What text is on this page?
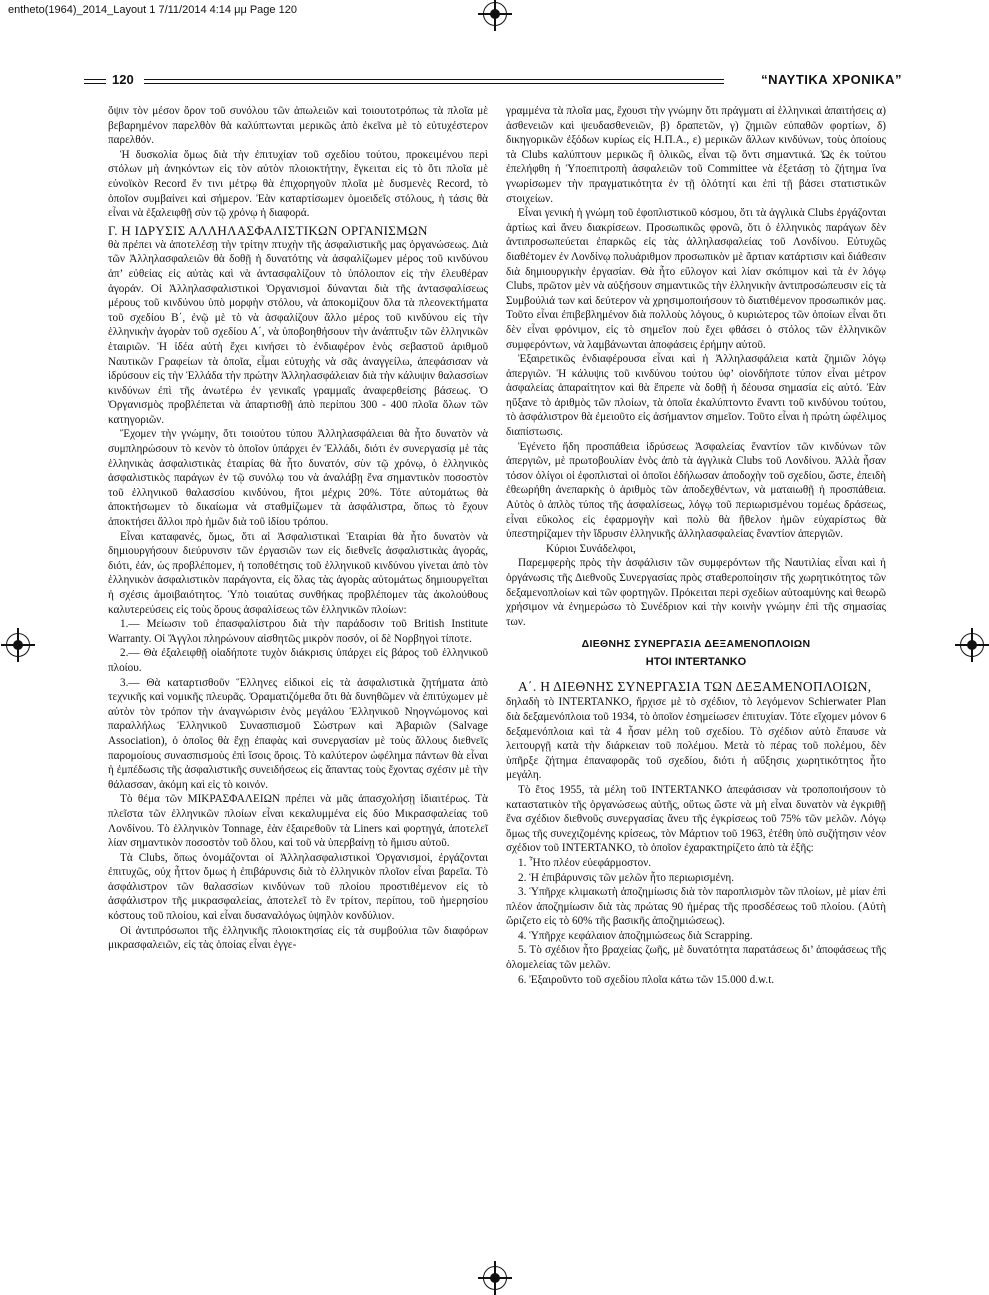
entheto(1964)_2014_Layout 1 7/11/2014 4:14 μμ Page 120
120	“ΝΑΥΤΙΚΑ ΧΡΟΝΙΚΑ”

ὄψιν τὸν μέσον ὅρον τοῦ συνόλου τῶν ἀπωλειῶν καὶ τοιουτοτρόπως τὰ πλοῖα μὲ βεβαρημένον παρελθὸν θὰ καλύπτωνται μερικῶς ἀπὸ ἐκεῖνα μὲ τὸ εὐτυχέστερον παρελθόν.

Ἡ δυσκολία ὅμως διὰ τὴν ἐπιτυχίαν τοῦ σχεδίου τούτου, προκειμένου περὶ στόλων μὴ ἀνηκόντων εἰς τὸν αὐτὸν πλοιοκτήτην, ἔγκειται εἰς τὸ ὅτι πλοῖα μὲ εὐνοϊκὸν Record ἔν τινι μέτρῳ θὰ ἐπιχορηγοῦν πλοῖα μὲ δυσμενὲς Record, τὸ ὁποῖον συμβαίνει καὶ σήμερον. Ἐὰν καταρτίσωμεν ὁμοειδεῖς στόλους, ἡ τάσις θὰ εἶναι νὰ ἐξαλειφθῇ σὺν τῷ χρόνῳ ἡ διαφορά.

Γ. Η ΙΔΡΥΣΙΣ ΑΛΛΗΛΑΣΦΑΛΙΣΤΙΚΩΝ ΟΡΓΑΝΙΣΜΩΝ

θὰ πρέπει νὰ ἀποτελέσῃ τὴν τρίτην πτυχὴν τῆς ἀσφαλιστικῆς μας ὀργανώσεως. Διὰ τῶν Ἀλληλασφαλειῶν θὰ δοθῇ ἡ δυνατότης νὰ ἀσφαλίζωμεν μέρος τοῦ κινδύνου ἀπ’ εὐθείας εἰς αὐτὰς καὶ νὰ ἀντασφαλίζουν τὸ ὑπόλοιπον εἰς τὴν ἐλευθέραν ἀγοράν. Οἱ Ἀλληλασφαλιστικοὶ Ὀργανισμοὶ δύνανται διὰ τῆς ἀντασφαλίσεως μέρους τοῦ κινδύνου ὑπὸ μορφὴν στόλου, νὰ ἀποκομίζουν ὅλα τὰ πλεονεκτήματα τοῦ σχεδίου Β΄, ἐνῷ μὲ τὸ νὰ ἀσφαλίζουν ἄλλο μέρος τοῦ κινδύνου εἰς τὴν ἑλληνικὴν ἀγορὰν τοῦ σχεδίου Α΄, νὰ ὑποβοηθήσουν τὴν ἀνάπτυξιν τῶν ἑλληνικῶν ἑταιριῶν. Ἡ ἰδέα αὐτὴ ἔχει κινήσει τὸ ἐνδιαφέρον ἑνὸς σεβαστοῦ ἀριθμοῦ Ναυτικῶν Γραφείων τὰ ὁποῖα, εἶμαι εὐτυχὴς νὰ σᾶς ἀναγγείλω, ἀπεφάσισαν νὰ ἱδρύσουν εἰς τὴν Ἑλλάδα τὴν πρώτην Ἀλληλασφάλειαν διὰ τὴν κάλυψιν θαλασσίων κινδύνων ἐπὶ τῆς ἀνωτέρω ἐν γενικαῖς γραμμαῖς ἀναφερθείσης βάσεως. Ὁ Ὀργανισμὸς προβλέπεται νὰ ἀπαρτισθῇ ἀπὸ περίπου 300 - 400 πλοῖα ὅλων τῶν κατηγοριῶν.

Ἔχομεν τὴν γνώμην, ὅτι τοιούτου τύπου Ἀλληλασφάλειαι θὰ ἦτο δυνατὸν νὰ συμπληρώσουν τὸ κενὸν τὸ ὁποῖον ὑπάρχει ἐν Ἑλλάδι, διότι ἐν συνεργασίᾳ μὲ τὰς ἑλληνικὰς ἀσφαλιστικὰς ἑταιρίας θὰ ἦτο δυνατόν, σὺν τῷ χρόνῳ, ὁ ἑλληνικὸς ἀσφαλιστικὸς παράγων ἐν τῷ συνόλῳ του νὰ ἀναλάβῃ ἕνα σημαντικὸν ποσοστὸν τοῦ ἑλληνικοῦ θαλασσίου κινδύνου, ἤτοι μέχρις 20%. Τότε αὐτομάτως θὰ ἀποκτήσωμεν τὸ δικαίωμα νὰ σταθμίζωμεν τὰ ἀσφάλιστρα, ὅπως τὸ ἔχουν ἀποκτήσει ἄλλοι πρὸ ἡμῶν διὰ τοῦ ἰδίου τρόπου.

Εἶναι καταφανές, ὅμως, ὅτι αἱ Ἀσφαλιστικαὶ Ἑταιρίαι θὰ ἦτο δυνατὸν νὰ δημιουργήσουν διεύρυνσιν τῶν ἐργασιῶν των εἰς διεθνεῖς ἀσφαλιστικὰς ἀγοράς, διότι, ἐάν, ὡς προβλέπομεν, ἡ τοποθέτησις τοῦ ἑλληνικοῦ κινδύνου γίνεται ἀπὸ τὸν ἑλληνικὸν ἀσφαλιστικὸν παράγοντα, εἰς ὅλας τὰς ἀγορὰς αὐτομάτως δημιουργεῖται ἡ σχέσις ἀμοιβαιότητος. Ὑπὸ τοιαύτας συνθήκας προβλέπομεν τὰς ἀκολούθους καλυτερεύσεις εἰς τοὺς ὅρους ἀσφαλίσεως τῶν ἑλληνικῶν πλοίων:

1.— Μείωσιν τοῦ ἐπασφαλίστρου διὰ τὴν παράδοσιν τοῦ British Institute Warranty. Οἱ Ἄγγλοι πληρώνουν αἰσθητῶς μικρὸν ποσόν, οἱ δὲ Νορβηγοὶ τίποτε.

2.— Θὰ ἐξαλειφθῇ οἱαδήποτε τυχὸν διάκρισις ὑπάρχει εἰς βάρος τοῦ ἑλληνικοῦ πλοίου.

3.— Θὰ καταρτισθοῦν Ἕλληνες εἰδικοὶ εἰς τὰ ἀσφαλιστικὰ ζητήματα ἀπὸ τεχνικῆς καὶ νομικῆς πλευρᾶς. Ὁραματιζόμεθα ὅτι θὰ δυνηθῶμεν νὰ ἐπιτύχωμεν μὲ αὐτὸν τὸν τρόπον τὴν ἀναγνώρισιν ἑνὸς μεγάλου Ἑλληνικοῦ Νηογνώμονος καὶ παραλλήλως Ἑλληνικοῦ Συνασπισμοῦ Σώστρων καὶ Ἀβαριῶν (Salvage Association), ὁ ὁποῖος θὰ ἔχῃ ἐπαφὰς καὶ συνεργασίαν μὲ τοὺς ἄλλους διεθνεῖς παρομοίους συνασπισμοὺς ἐπὶ ἴσοις ὅροις. Τὸ καλύτερον ὠφέλημα πάντων θὰ εἶναι ἡ ἐμπέδωσις τῆς ἀσφαλιστικῆς συνειδήσεως εἰς ἅπαντας τοὺς ἔχοντας σχέσιν μὲ τὴν θάλασσαν, ἀκόμη καὶ εἰς τὸ κοινόν.

Τὸ θέμα τῶν ΜΙΚΡΑΣΦΑΛΕΙΩΝ πρέπει νὰ μᾶς ἀπασχολήσῃ ἰδιαιτέρως. Τὰ πλεῖστα τῶν ἑλληνικῶν πλοίων εἶναι κεκαλυμμένα εἰς δύο Μικρασφαλείας τοῦ Λονδίνου. Τὸ ἑλληνικὸν Tonnage, ἐὰν ἐξαιρεθοῦν τὰ Liners καὶ φορτηγά, ἀποτελεῖ λίαν σημαντικὸν ποσοστὸν τοῦ ὅλου, καὶ τοῦ νὰ ὑπερβαίνῃ τὸ ἥμισυ αὐτοῦ.

Τὰ Clubs, ὅπως ὀνομάζονται οἱ Ἀλληλασφαλιστικοὶ Ὀργανισμοί, ἐργάζονται ἐπιτυχῶς, οὐχ ἧττον ὅμως ἡ ἐπιβάρυνσις διὰ τὸ ἑλληνικὸν πλοῖον εἶναι βαρεῖα. Τὸ ἀσφάλιστρον τῶν θαλασσίων κινδύνων τοῦ πλοίου προστιθέμενον εἰς τὸ ἀσφάλιστρον τῆς μικρασφαλείας, ἀποτελεῖ τὸ ἓν τρίτον, περίπου, τοῦ ἡμερησίου κόστους τοῦ πλοίου, καὶ εἶναι δυσαναλόγως ὑψηλὸν κονδύλιον.

Οἱ ἀντιπρόσωποι τῆς ἑλληνικῆς πλοιοκτησίας εἰς τὰ συμβούλια τῶν διαφόρων μικρασφαλειῶν, εἰς τὰς ὁποίας εἶναι ἐγγε-

γραμμένα τὰ πλοῖα μας, ἔχουσι τὴν γνώμην ὅτι πράγματι αἱ ἑλληνικαὶ ἀπαιτήσεις α) ἀσθενειῶν καὶ ψευδασθενειῶν, β) δραπετῶν, γ) ζημιῶν εὐπαθῶν φορτίων, δ) δικηγορικῶν ἐξόδων κυρίως εἰς Η.Π.Α., ε) μερικῶν ἄλλων κινδύνων, τοὺς ὁποίους τὰ Clubs καλύπτουν μερικῶς ἢ ὁλικῶς, εἶναι τῷ ὄντι σημαντικά. Ὡς ἐκ τούτου ἐπελήφθη ἡ Ὑποεπιτροπὴ ἀσφαλειῶν τοῦ Committee νὰ ἐξετάσῃ τὸ ζήτημα ἵνα γνωρίσωμεν τὴν πραγματικότητα ἐν τῇ ὁλότητί και ἐπὶ τῇ βάσει στατιστικῶν στοιχείων.

Εἶναι γενικὴ ἡ γνώμη τοῦ ἐφοπλιστικοῦ κόσμου, ὅτι τὰ ἀγγλικὰ Clubs ἐργάζονται ἀρτίως καὶ ἄνευ διακρίσεων. Προσωπικῶς φρονῶ, ὅτι ὁ ἑλληνικὸς παράγων δὲν ἀντιπροσωπεύεται ἐπαρκῶς εἰς τὰς ἀλληλασφαλείας τοῦ Λονδίνου. Εὐτυχῶς διαθέτομεν ἐν Λονδίνῳ πολυάριθμον προσωπικὸν μὲ ἄρτιαν κατάρτισιν καὶ διάθεσιν διὰ δημιουργικὴν ἐργασίαν. Θὰ ἦτο εὔλογον καὶ λίαν σκόπιμον καὶ τὰ ἐν λόγῳ Clubs, πρῶτον μὲν νὰ αὐξήσουν σημαντικῶς τὴν ἑλληνικὴν ἀντιπροσώπευσιν εἰς τὰ Συμβούλιά των καὶ δεύτερον νὰ χρησιμοποιήσουν τὸ διατιθέμενον προσωπικόν μας. Τοῦτο εἶναι ἐπιβεβλημένον διὰ πολλοὺς λόγους, ὁ κυριώτερος τῶν ὁποίων εἶναι ὅτι δὲν εἶναι φρόνιμον, εἰς τὸ σημεῖον ποὺ ἔχει φθάσει ὁ στόλος τῶν ἑλληνικῶν συμφερόντων, νὰ λαμβάνωνται ἀποφάσεις ἐρήμην αὐτοῦ.

Ἐξαιρετικῶς ἐνδιαφέρουσα εἶναι καὶ ἡ Ἀλληλασφάλεια κατὰ ζημιῶν λόγῳ ἀπεργιῶν. Ἡ κάλυψις τοῦ κινδύνου τούτου ὑφ’ οἱονδήποτε τύπον εἶναι μέτρον ἀσφαλείας ἀπαραίτητον καὶ θὰ ἔπρεπε νὰ δοθῇ ἡ δέουσα σημασία εἰς αὐτό. Ἐὰν ηὔξανε τὸ ἀριθμὸς τῶν πλοίων, τὰ ὁποῖα ἐκαλύπτοντο ἔναντι τοῦ κινδύνου τούτου, τὸ ἀσφάλιστρον θὰ ἐμειοῦτο εἰς ἀσήμαντον σημεῖον. Τοῦτο εἶναι ἡ πρώτη ὠφέλιμος διαπίστωσις.

Ἐγένετο ἤδη προσπάθεια ἱδρύσεως Ἀσφαλείας ἔναντίον τῶν κινδύνων τῶν ἀπεργιῶν, μὲ πρωτοβουλίαν ἑνὸς ἀπὸ τὰ ἀγγλικὰ Clubs τοῦ Λονδίνου. Ἀλλὰ ἦσαν τόσον ὀλίγοι οἱ ἐφοπλισταὶ οἱ ὁποῖοι ἐδήλωσαν ἀποδοχὴν τοῦ σχεδίου, ὥστε, ἐπειδὴ ἐθεωρήθη ἀνεπαρκὴς ὁ ἀριθμὸς τῶν ἀποδεχθέντων, νὰ ματαιωθῇ ἡ προσπάθεια. Αὐτὸς ὁ ἁπλὸς τύπος τῆς ἀσφαλίσεως, λόγῳ τοῦ περιωρισμένου τομέως δράσεως, εἶναι εὔκολος εἰς ἐφαρμογὴν καὶ πολὺ θὰ ἤθελον ἡμῶν εὐχαρίστως θὰ ὑπεστηρίζαμεν τὴν ἵδρυσιν ἑλληνικῆς ἀλληλασφαλείας ἔναντίον ἀπεργιῶν.

Κύριοι Συνάδελφοι,

Παρεμφερὴς πρὸς τὴν ἀσφάλισιν τῶν συμφερόντων τῆς Ναυτιλίας εἶναι καὶ ἡ ὀργάνωσις τῆς Διεθνοῦς Συνεργασίας πρὸς σταθεροποίησιν τῆς χωρητικότητος τῶν δεξαμενοπλοίων καὶ τῶν φορτηγῶν. Πρόκειται περὶ σχεδίων αὐτοαμύνης καὶ θεωρῶ χρήσιμον νὰ ἐνημερώσω τὸ Συνέδριον καὶ τὴν κοινὴν γνώμην ἐπὶ τῆς σημασίας των.

ΔΙΕΘΝΗΣ ΣΥΝΕΡΓΑΣΙΑ ΔΕΞΑΜΕΝΟΠΛΟΙΩΝ
ΗΤΟΙ INTERTANKO

Α΄. Η ΔΙΕΘΝΗΣ ΣΥΝΕΡΓΑΣΙΑ ΤΩΝ ΔΕΞΑΜΕΝΟΠΛΟΙΩΝ,

δηλαδὴ τὸ INTERTANKO, ἤρχισε μὲ τὸ σχέδιον, τὸ λεγόμενον Schierwater Plan διὰ δεξαμενόπλοια τοῦ 1934, τὸ ὁποῖον ἐσημείωσεν ἐπιτυχίαν. Τότε εἴχομεν μόνον 6 δεξαμενόπλοια καὶ τὰ 4 ἦσαν μέλη τοῦ σχεδίου. Τὸ σχέδιον αὐτὸ ἔπαυσε νὰ λειτουργῇ κατὰ τὴν διάρκειαν τοῦ πολέμου. Μετὰ τὸ πέρας τοῦ πολέμου, δὲν ὑπῆρξε ζήτημα ἐπαναφορᾶς τοῦ σχεδίου, διότι ἡ αὔξησις χωρητικότητος ἦτο μεγάλη.

Τὸ ἔτος 1955, τὰ μέλη τοῦ INTERTANKO ἀπεφάσισαν νὰ τροποποιήσουν τὸ καταστατικὸν τῆς ὀργανώσεως αὐτῆς, οὕτως ὥστε νὰ μὴ εἶναι δυνατὸν νὰ ἐγκριθῇ ἕνα σχέδιον διεθνοῦς συνεργασίας ἄνευ τῆς ἐγκρίσεως τοῦ 75% τῶν μελῶν. Λόγῳ ὅμως τῆς συνεχιζομένης κρίσεως, τὸν Μάρτιον τοῦ 1963, ἐτέθη ὑπὸ συζήτησιν νέον σχέδιον τοῦ INTERTANKO, τὸ ὁποῖον ἐχαρακτηρίζετο ἀπὸ τὰ ἑξῆς:

1. Ἦτο πλέον εὐεφάρμοστον.
2. Ἡ ἐπιβάρυνσις τῶν μελῶν ἦτο περιωρισμένη.
3. Ὑπῆρχε κλιμακωτὴ ἀποζημίωσις διὰ τὸν παροπλισμὸν τῶν πλοίων, μὲ μίαν ἐπὶ πλέον ἀποζημίωσιν διὰ τὰς πρώτας 90 ἡμέρας τῆς προσδέσεως τοῦ πλοίου. (Αὐτὴ ὥριζετο εἰς τὸ 60% τῆς βασικῆς ἀποζημιώσεως).
4. Ὑπῆρχε κεφάλαιον ἀποζημιώσεως διὰ Scrapping.
5. Τὸ σχέδιον ἦτο βραχείας ζωῆς, μὲ δυνατότητα παρατάσεως δι’ ἀποφάσεως τῆς ὁλομελείας τῶν μελῶν.
6. Ἐξαιροῦντο τοῦ σχεδίου πλοῖα κάτω τῶν 15.000 d.w.t.
